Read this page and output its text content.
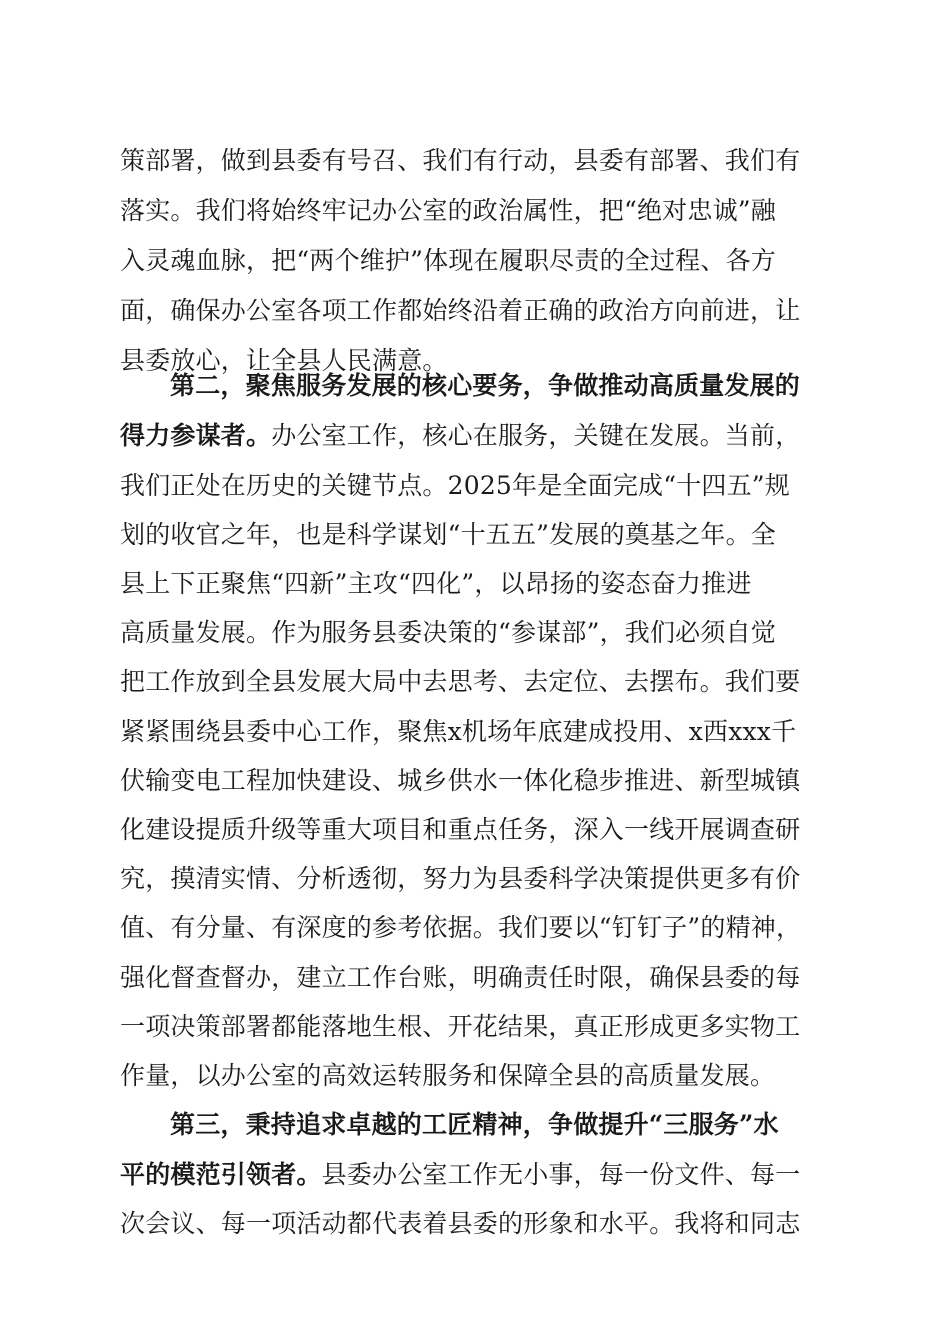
策部署，做到县委有号召、我们有行动，县委有部署、我们有
落实。我们将始终牢记办公室的政治属性，把“绝对忠诚”融
入灵魂血脉，把“两个维护”体现在履职尽责的全过程、各方
面，确保办公室各项工作都始终沿着正确的政治方向前进，让
县委放心，让全县人民满意。
第二，聚焦服务发展的核心要务，争做推动高质量发展的
得力参谋者。办公室工作，核心在服务，关键在发展。当前，
我们正处在历史的关键节点。2025年是全面完成“十四五”规
划的收官之年，也是科学谋划“十五五”发展的奠基之年。全
县上下正聚焦“四新”主攻“四化”，以昂扬的姿态奋力推进
高质量发展。作为服务县委决策的“参谋部”，我们必须自觉
把工作放到全县发展大局中去思考、去定位、去摆布。我们要
紧紧围绕县委中心工作，聚焦x机场年底建成投用、x西xxx千
伏输变电工程加快建设、城乡供水一体化稳步推进、新型城镇
化建设提质升级等重大项目和重点任务，深入一线开展调查研
究，摸清实情、分析透彻，努力为县委科学决策提供更多有价
值、有分量、有深度的参考依据。我们要以“钉钉子”的精神，
强化督查督办，建立工作台账，明确责任时限，确保县委的每
一项决策部署都能落地生根、开花结果，真正形成更多实物工
作量，以办公室的高效运转服务和保障全县的高质量发展。
第三，秉持追求卓越的工匠精神，争做提升“三服务”水
平的模范引领者。县委办公室工作无小事，每一份文件、每一
次会议、每一项活动都代表着县委的形象和水平。我将和同志
